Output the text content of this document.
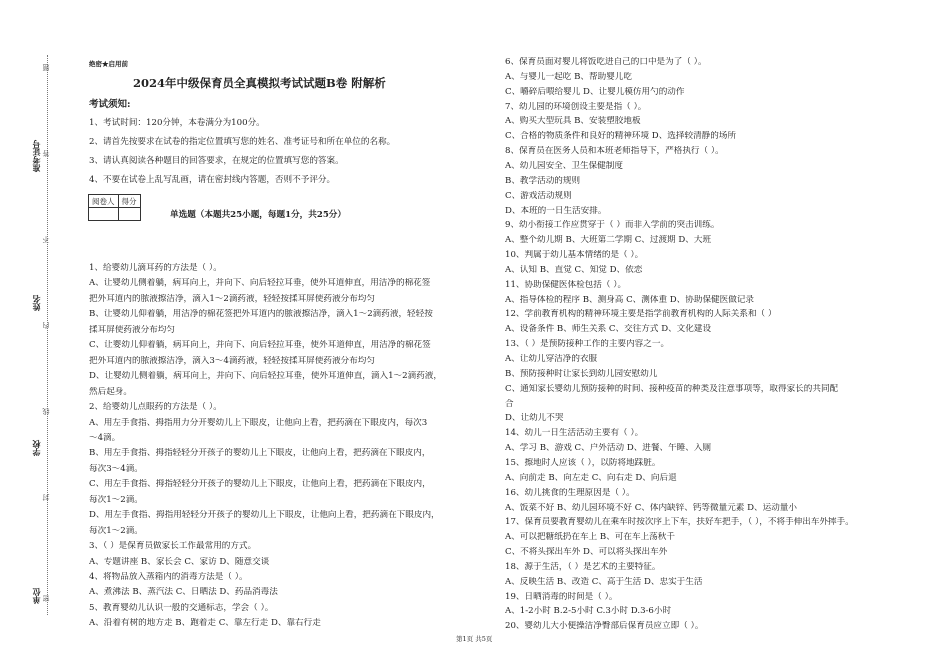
题
答
不
内
线
封
密
准考证号
姓名
学校
单位
绝密★启用前
2024年中级保育员全真模拟考试试题B卷 附解析
考试须知:
1、考试时间：120分钟，本卷满分为100分。
2、请首先按要求在试卷的指定位置填写您的姓名、准考证号和所在单位的名称。
3、请认真阅读各种题目的回答要求，在规定的位置填写您的答案。
4、不要在试卷上乱写乱画，请在密封线内答题，否则不予评分。
阅卷人	得分

单选题（本题共25小题，每题1分，共25分）
1、给婴幼儿滴耳药的方法是（ ）。
A、让婴幼儿侧着躺，病耳向上，并向下、向后轻拉耳垂，使外耳道伸直，用洁净的棉花签
把外耳道内的脓液擦洁净，滴入1～2滴药液，轻轻按揉耳屏使药液分布均匀
B、让婴幼儿仰着躺，用洁净的棉花签把外耳道内的脓液擦洁净，滴入1～2滴药液，轻轻按
揉耳屏使药液分布均匀
C、让婴幼儿仰着躺，病耳向上，并向下、向后轻拉耳垂，使外耳道伸直，用洁净的棉花签
把外耳道内的脓液擦洁净，滴入3～4滴药液，轻轻按揉耳屏使药液分布均匀
D、让婴幼儿侧着躺，病耳向上，并向下、向后轻拉耳垂，使外耳道伸直，滴入1～2滴药液，
然后起身。
2、给婴幼儿点眼药的方法是（ ）。
A、用左手食指、拇指用力分开婴幼儿上下眼皮，让他向上看，把药滴在下眼皮内，每次3
～4滴。
B、用左手食指、拇指轻轻分开孩子的婴幼儿上下眼皮，让他向上看，把药滴在下眼皮内，
每次3～4滴。
C、用左手食指、拇指轻轻分开孩子的婴幼儿上下眼皮，让他向上看，把药滴在下眼皮内，
每次1～2滴。
D、用左手食指、拇指用轻轻分开孩子的婴幼儿上下眼皮，让他向上看，把药滴在下眼皮内，
每次1～2滴。
3、（ ）是保育员做家长工作最常用的方式。
A、专题讲座 B、家长会 C、家访 D、随意交谈
4、将物品放入蒸箱内的消毒方法是（ ）。
A、煮沸法 B、蒸汽法 C、日晒法 D、药品消毒法
5、教育婴幼儿认识一般的交通标志，学会（ ）。
A、沿着有树的地方走 B、跑着走 C、靠左行走 D、靠右行走
6、保育员面对婴儿将饭吃进自己的口中是为了（ ）。
A、与婴儿一起吃 B、帮助婴儿吃
C、嚼碎后喂给婴儿 D、让婴儿模仿用勺的动作
7、幼儿园的环境创设主要是指（ ）。
A、购买大型玩具 B、安装塑胶地板
C、合格的物质条件和良好的精神环境 D、选择较清静的场所
8、保育员在医务人员和本班老师指导下，严格执行（ ）。
A、幼儿园安全、卫生保健制度
B、教学活动的规则
C、游戏活动规则
D、本班的一日生活安排。
9、幼小衔接工作应贯穿于（ ）而非入学前的突击训练。
A、整个幼儿期 B、大班第二学期 C、过渡期 D、大班
10、判属于幼儿基本情绪的是（ ）。
A、认知 B、直觉 C、知觉 D、依恋
11、协助保健医体检包括（ ）。
A、指导体检的程序 B、测身高 C、测体重 D、协助保健医做记录
12、学前教育机构的精神环境主要是指学前教育机构的人际关系和（ ）
A、设备条件 B、师生关系 C、交往方式 D、文化建设
13、（ ）是预防接种工作的主要内容之一。
A、让幼儿穿洁净的衣服
B、预防接种时让家长到幼儿园安慰幼儿
C、通知家长婴幼儿预防接种的时间、接种疫苗的种类及注意事项等，取得家长的共同配
合
D、让幼儿不哭
14、幼儿一日生活活动主要有（ ）。
A、学习 B、游戏 C、户外活动 D、进餐、午睡、入厕
15、擦地时人应该（ ），以防将地踩脏。
A、向前走 B、向左走 C、向右走 D、向后退
16、幼儿挑食的生理原因是（ ）。
A、饭菜不好 B、幼儿园环境不好 C、体内缺锌、钙等微量元素 D、运动量小
17、保育员要教育婴幼儿在乘车时按次序上下车，扶好车把手，（ ），不将手伸出车外摔手。
A、可以把糖纸扔在车上 B、可在车上荡秋千
C、不将头探出车外 D、可以将头探出车外
18、源于生活，（ ）是艺术的主要特征。
A、反映生活 B、改造 C、高于生活 D、忠实于生活
19、日晒消毒的时间是（ ）。
A、1-2小时 B.2-5小时 C.3小时 D.3-6小时
20、婴幼儿大小便操洁净臀部后保育员应立即（ ）。
第1页 共5页
